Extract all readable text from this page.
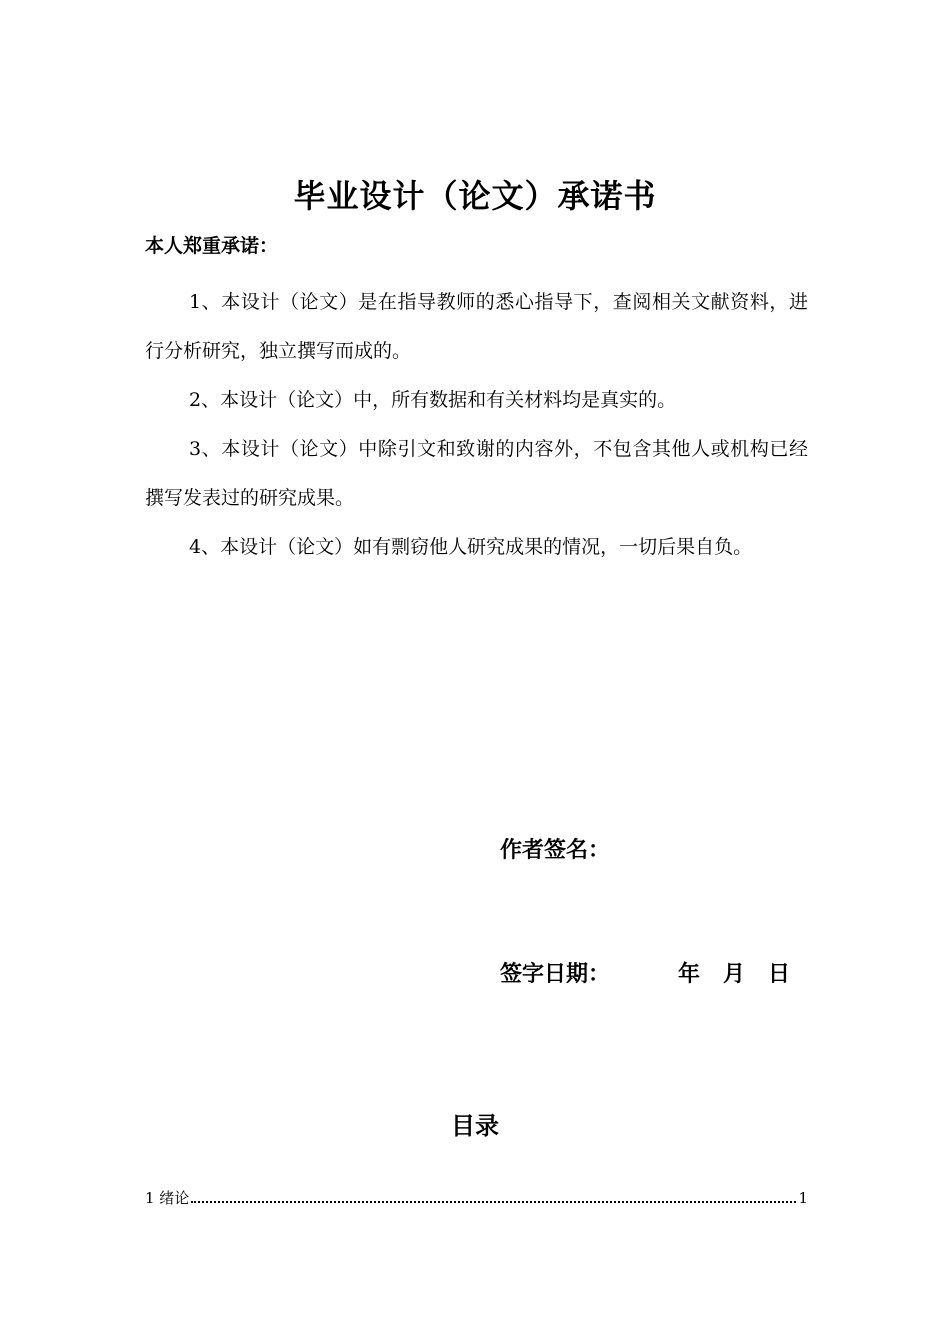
毕业设计（论文）承诺书
本人郑重承诺：

1、本设计（论文）是在指导教师的悉心指导下，查阅相关文献资料，进行分析研究，独立撰写而成的。

2、本设计（论文）中，所有数据和有关材料均是真实的。

3、本设计（论文）中除引文和致谢的内容外，不包含其他人或机构已经撰写发表过的研究成果。

4、本设计（论文）如有剽窃他人研究成果的情况，一切后果自负。

作者签名：
签字日期：	年   月   日
目录
1 绪论	1
